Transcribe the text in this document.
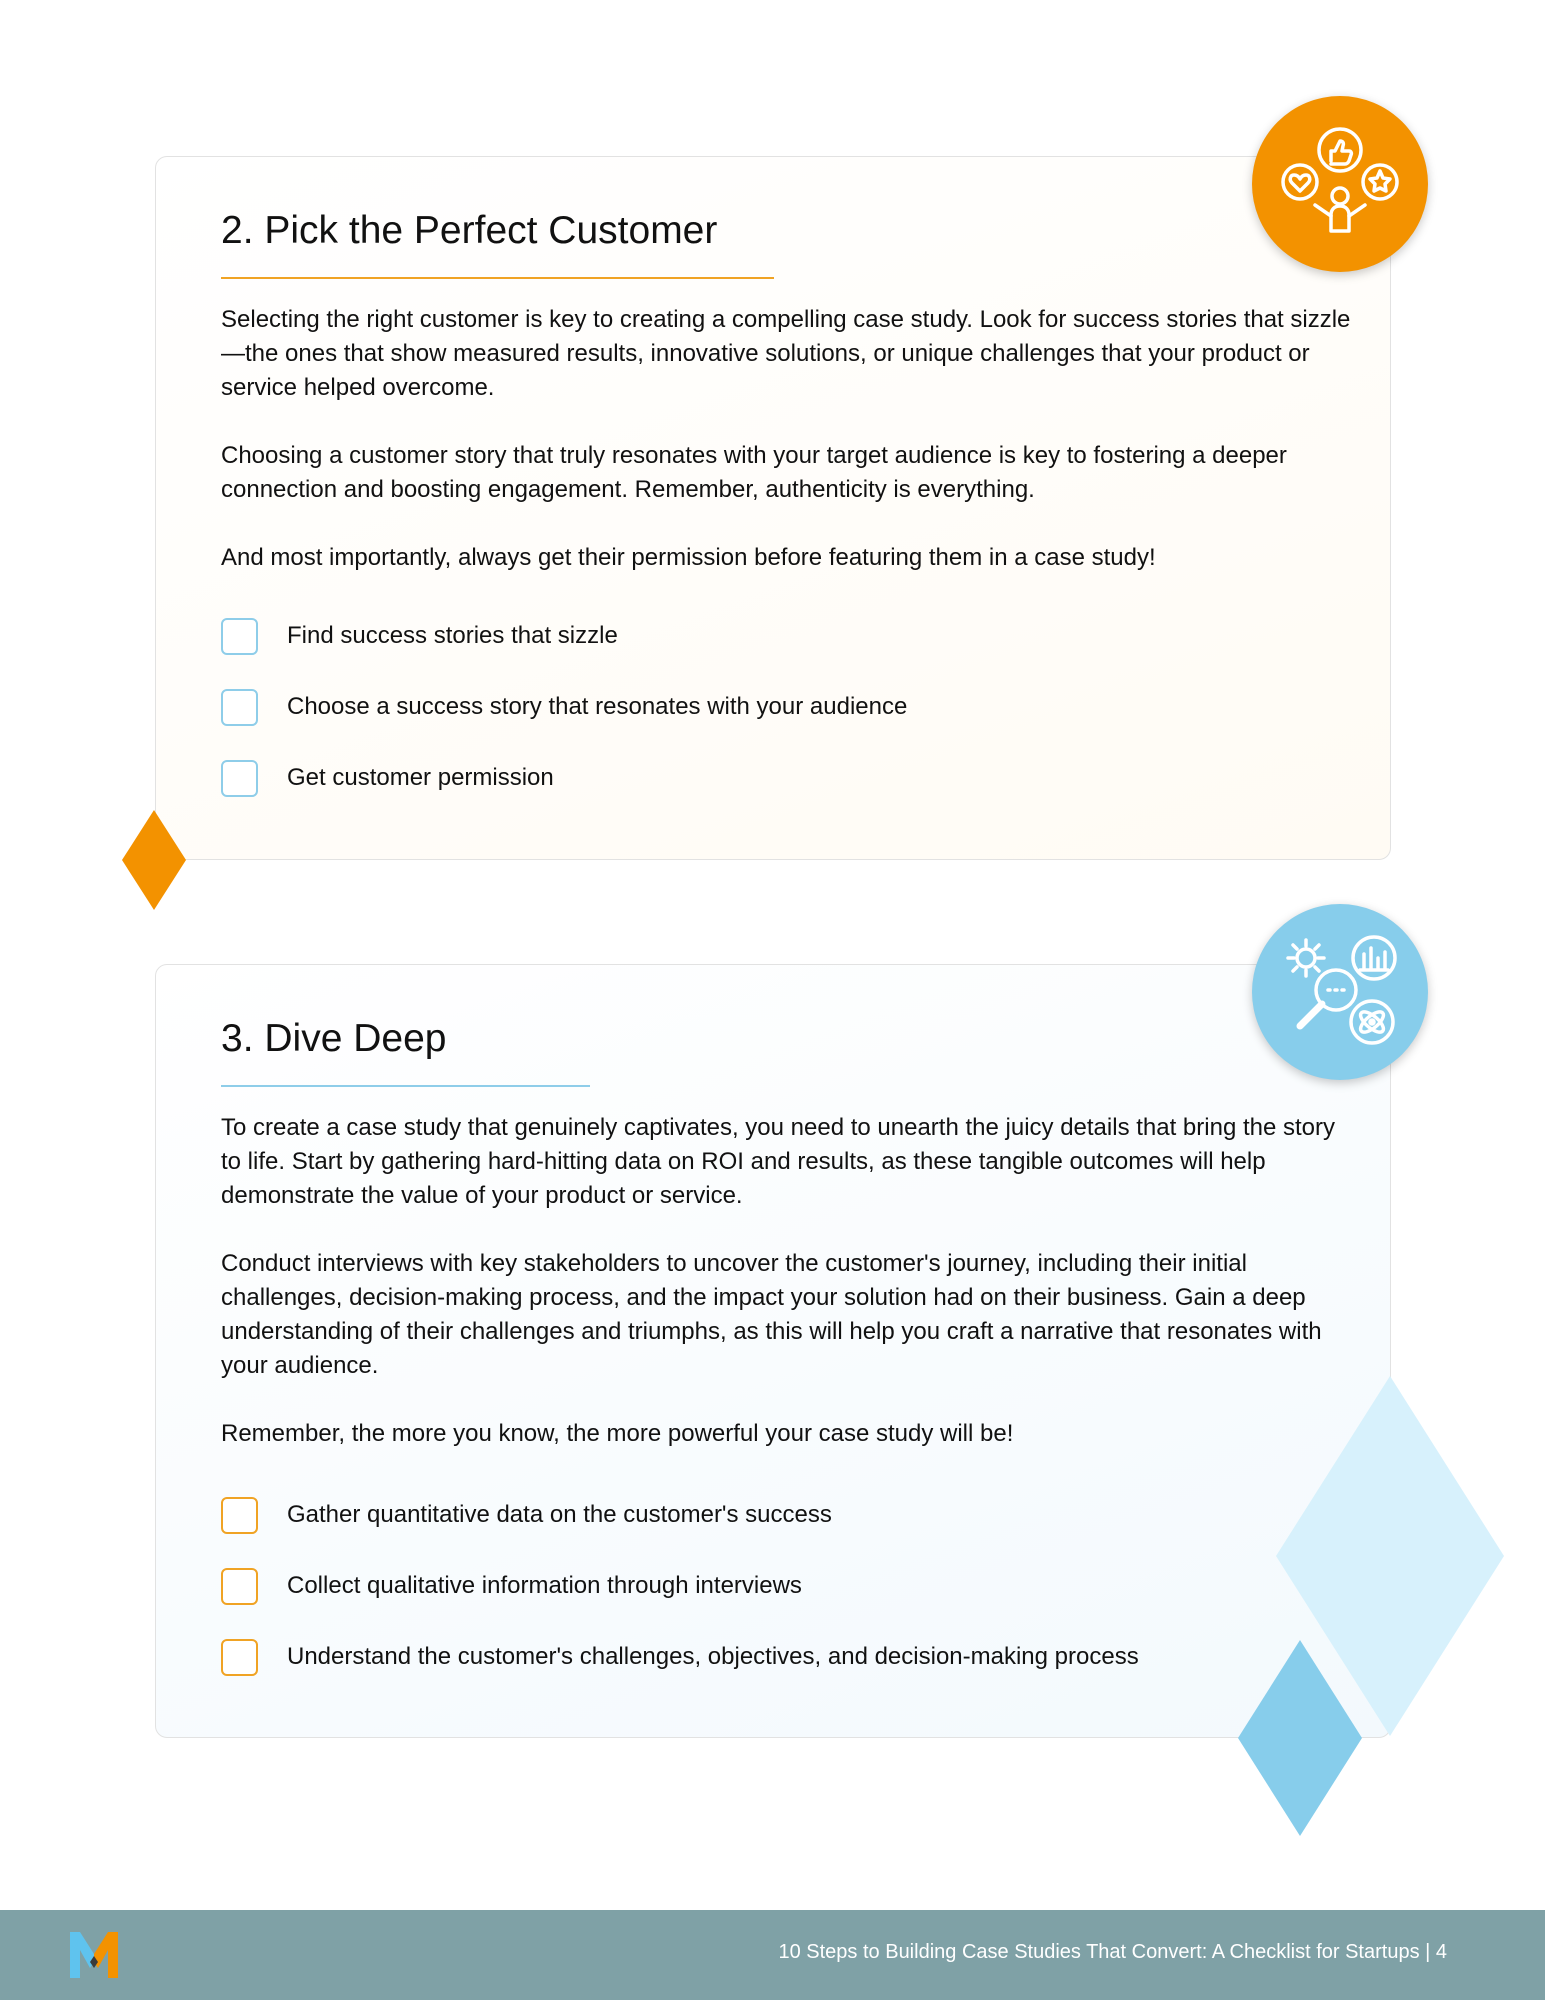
2. Pick the Perfect Customer

Selecting the right customer is key to creating a compelling case study. Look for success stories that sizzle—the ones that show measured results, innovative solutions, or unique challenges that your product or service helped overcome.

Choosing a customer story that truly resonates with your target audience is key to fostering a deeper connection and boosting engagement. Remember, authenticity is everything.

And most importantly, always get their permission before featuring them in a case study!

Find success stories that sizzle
Choose a success story that resonates with your audience
Get customer permission
3. Dive Deep

To create a case study that genuinely captivates, you need to unearth the juicy details that bring the story to life. Start by gathering hard-hitting data on ROI and results, as these tangible outcomes will help demonstrate the value of your product or service.

Conduct interviews with key stakeholders to uncover the customer's journey, including their initial challenges, decision-making process, and the impact your solution had on their business. Gain a deep understanding of their challenges and triumphs, as this will help you craft a narrative that resonates with your audience.

Remember, the more you know, the more powerful your case study will be!

Gather quantitative data on the customer's success
Collect qualitative information through interviews
Understand the customer's challenges, objectives, and decision-making process
10 Steps to Building Case Studies That Convert: A Checklist for Startups | 4
